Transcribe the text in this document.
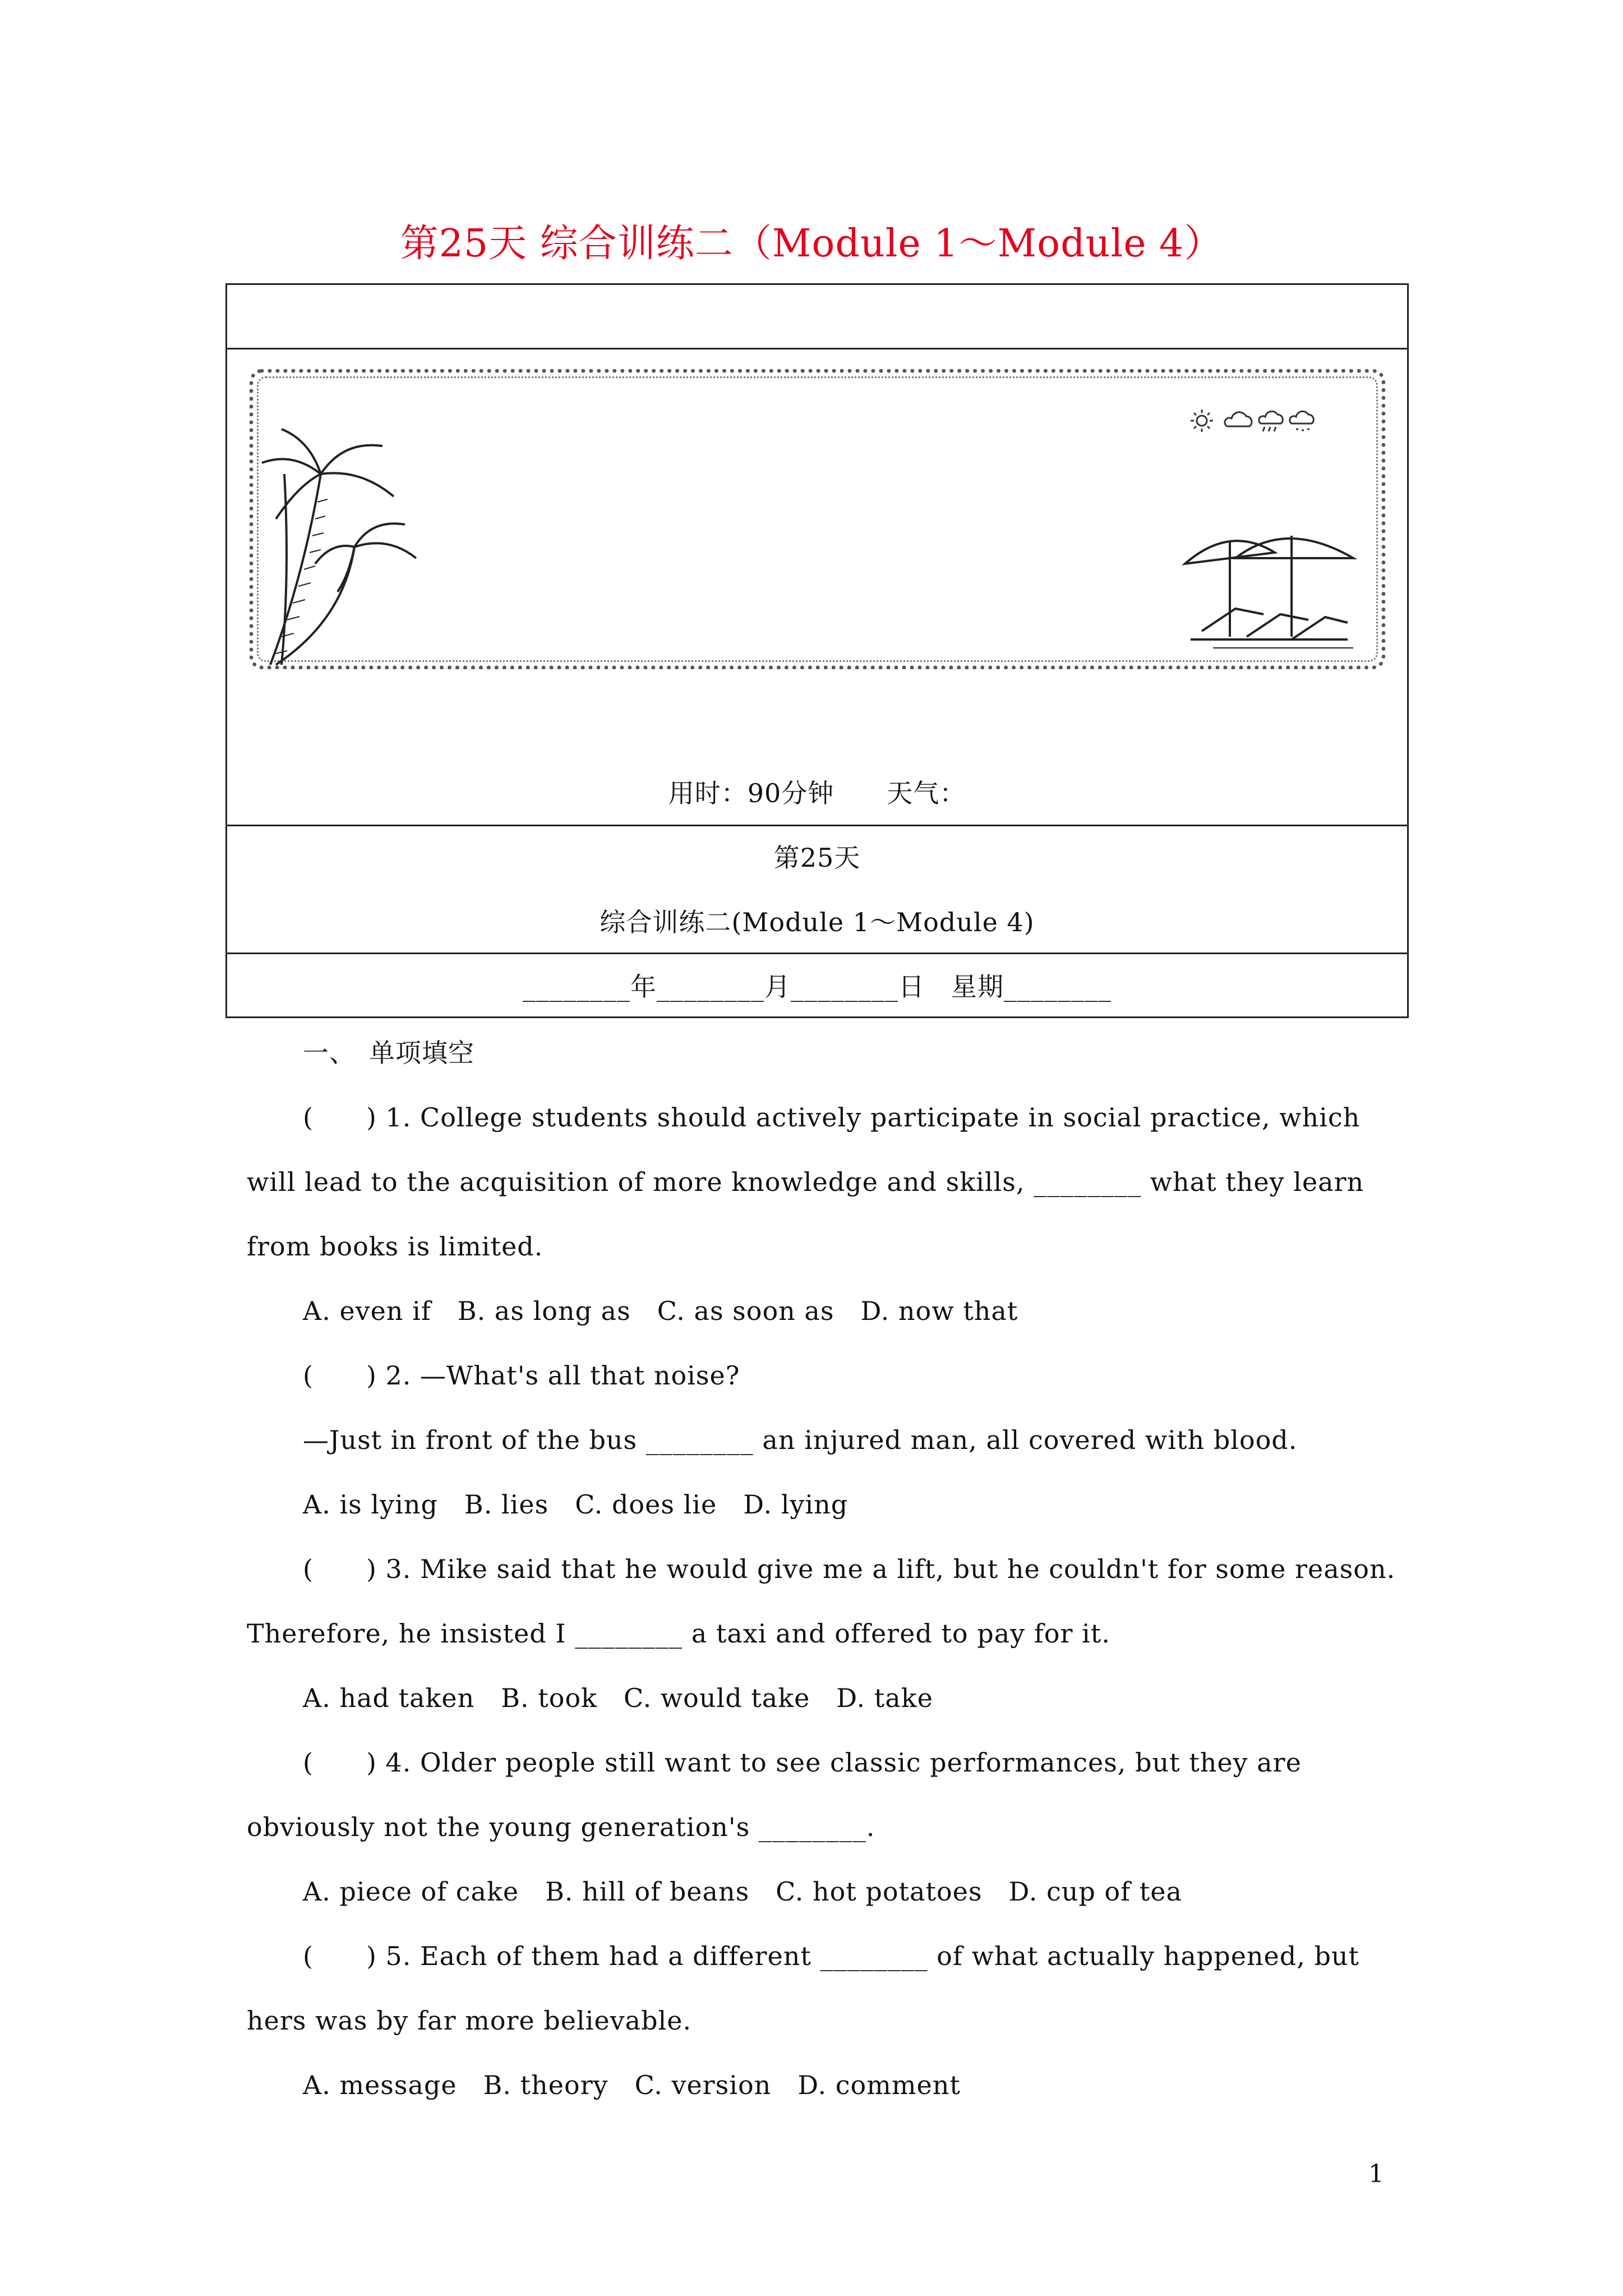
第25天 综合训练二（Module 1～Module 4）
用时：90分钟　　天气：
第25天
综合训练二(Module 1～Module 4)
________年________月________日　星期________
一、　单项填空
(　　) 1. College students should actively participate in social practice, which
will lead to the acquisition of more knowledge and skills, ________ what they learn
from books is limited.
A. even if　B. as long as　C. as soon as　D. now that
(　　) 2. —What's all that noise?
—Just in front of the bus ________ an injured man, all covered with blood.
A. is lying　B. lies　C. does lie　D. lying
(　　) 3. Mike said that he would give me a lift, but he couldn't for some reason.
Therefore, he insisted I ________ a taxi and offered to pay for it.
A. had taken　B. took　C. would take　D. take
(　　) 4. Older people still want to see classic performances, but they are
obviously not the young generation's ________.
A. piece of cake　B. hill of beans　C. hot potatoes　D. cup of tea
(　　) 5. Each of them had a different ________ of what actually happened, but
hers was by far more believable.
A. message　B. theory　C. version　D. comment
1
